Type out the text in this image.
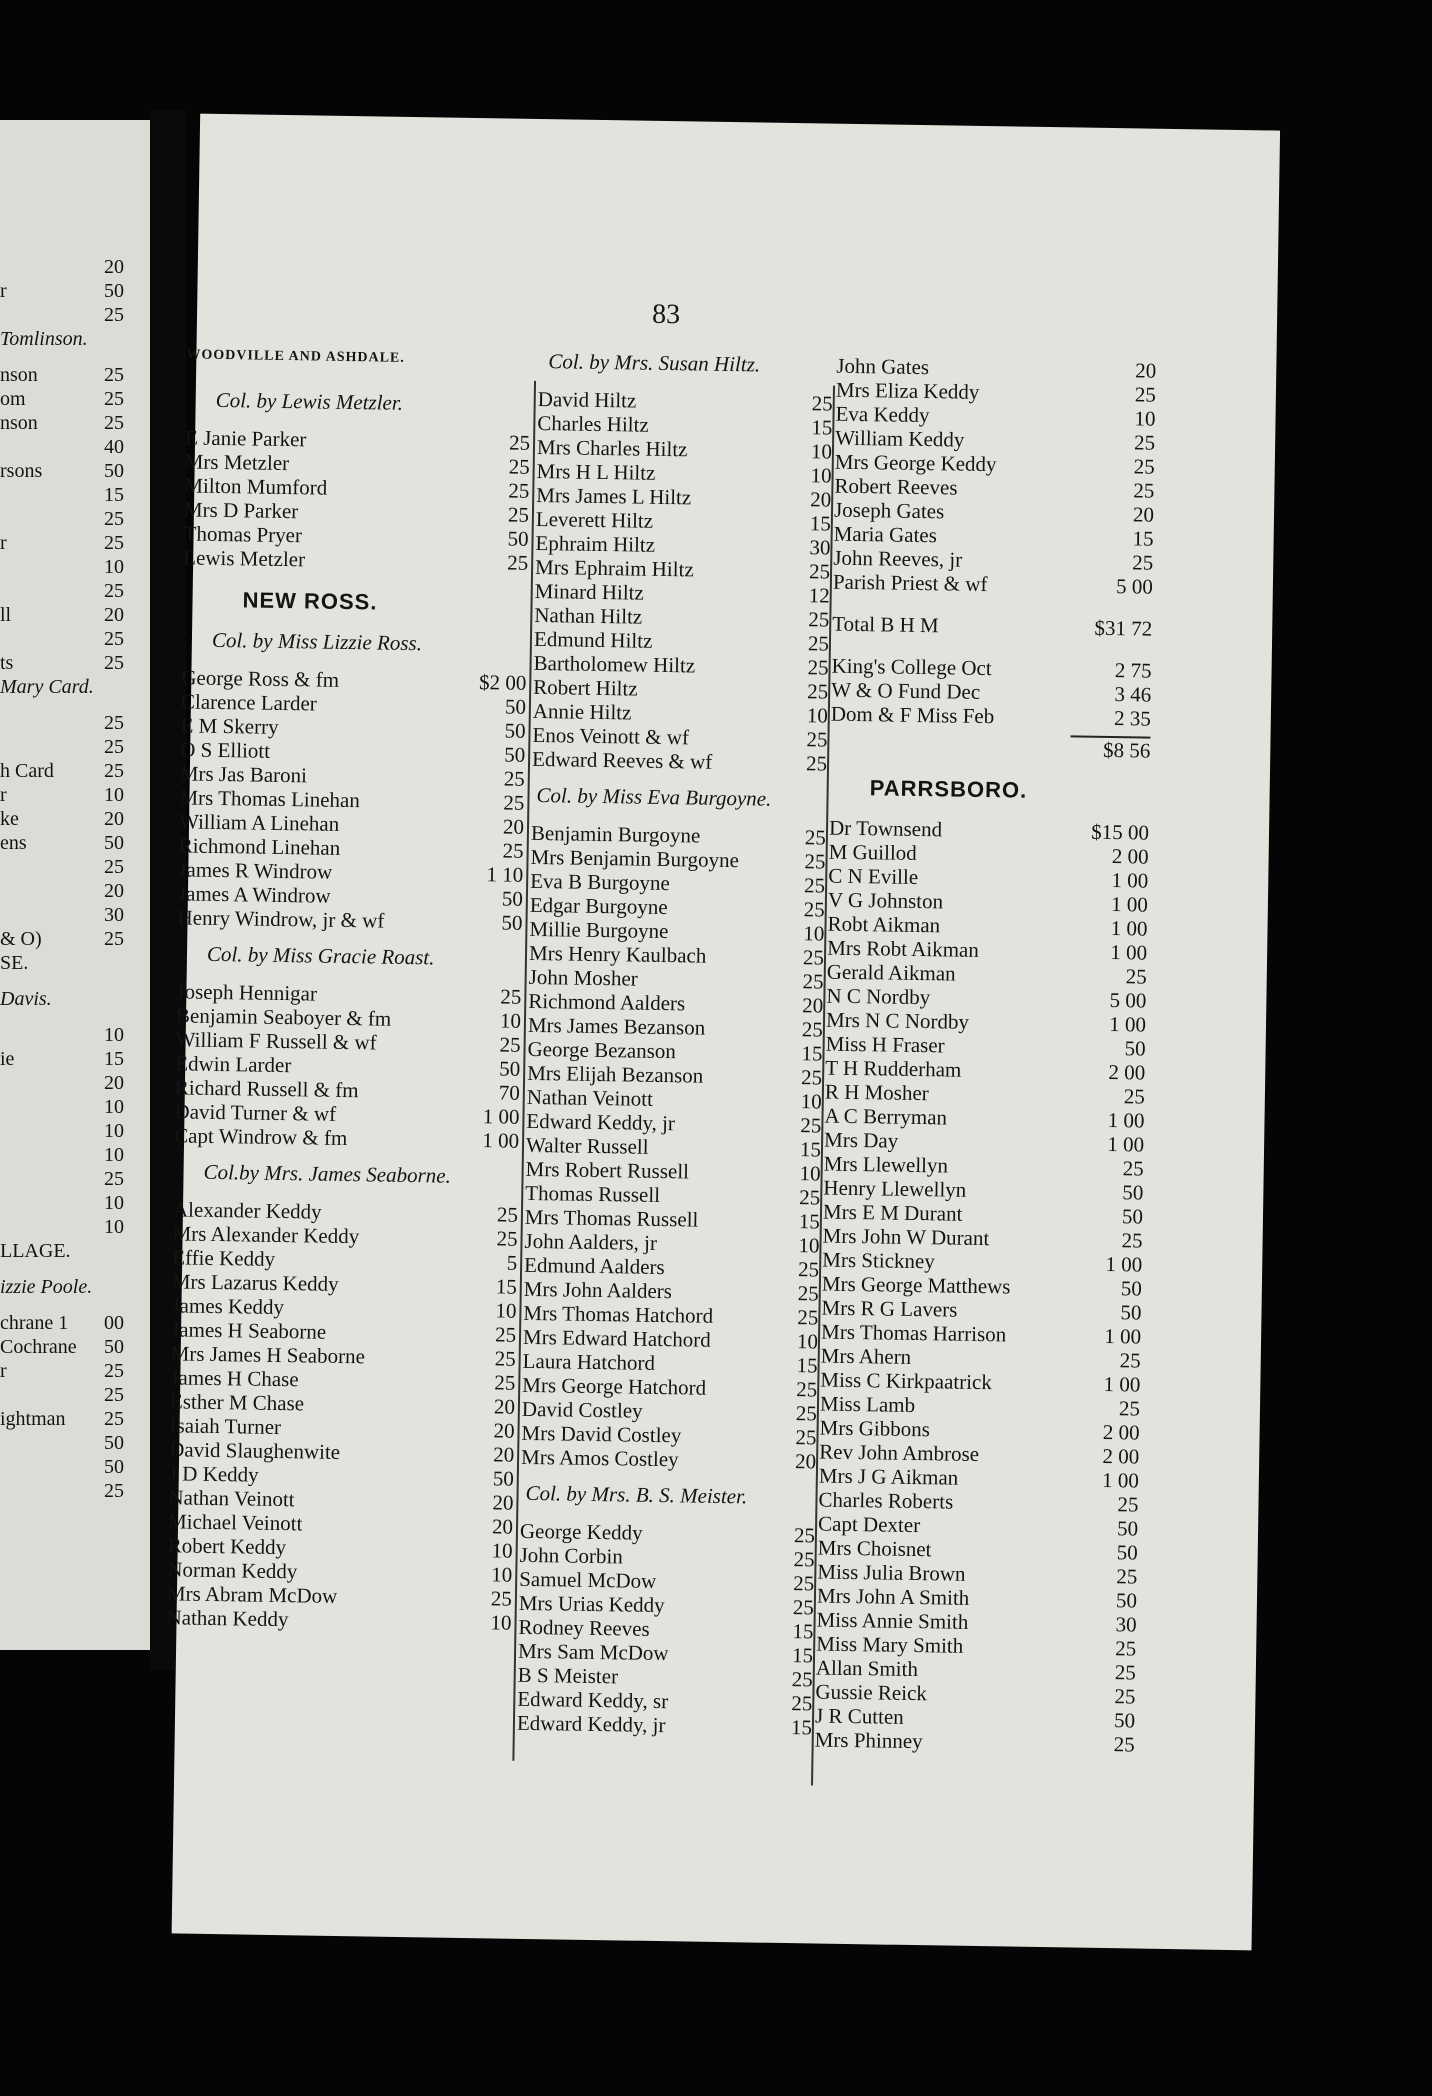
20
r	50
25
Tomlinson.
nson	25
om	25
nson	25
40
rsons	50
15
25
r	25
10
25
ll	20
25
ts	25
Mary Card.
25
25
h Card	25
r	10
ke	20
ens	50
25
20
30
& O)	25
SE.
Davis.
10
ie	15
20
10
10
10
25
10
10
LLAGE.
izzie Poole.
chrane 1	00
Cochrane	50
r	25
25
ightman	25
50
50
25
83
WOODVILLE AND ASHDALE.
Col. by Lewis Metzler.
E Janie Parker	25
Mrs Metzler	25
Milton Mumford	25
Mrs D Parker	25
Thomas Pryer	50
Lewis Metzler	25
NEW ROSS.
Col. by Miss Lizzie Ross.
George Ross & fm	$2 00
Clarence Larder	50
E M Skerry	50
O S Elliott	50
Mrs Jas Baroni	25
Mrs Thomas Linehan	25
William A Linehan	20
Richmond Linehan	25
James R Windrow	1 10
James A Windrow	50
Henry Windrow, jr & wf	50
Col. by Miss Gracie Roast.
Joseph Hennigar	25
Benjamin Seaboyer & fm	10
William F Russell & wf	25
Edwin Larder	50
Richard Russell & fm	70
David Turner & wf	1 00
Capt Windrow & fm	1 00
Col.by Mrs. James Seaborne.
Alexander Keddy	25
Mrs Alexander Keddy	25
Effie Keddy	5
Mrs Lazarus Keddy	15
James Keddy	10
James H Seaborne	25
Mrs James H Seaborne	25
James H Chase	25
Esther M Chase	20
Isaiah Turner	20
David Slaughenwite	20
J D Keddy	50
Nathan Veinott	20
Michael Veinott	20
Robert Keddy	10
Norman Keddy	10
Mrs Abram McDow	25
Nathan Keddy	10
Col. by Mrs. Susan Hiltz.
David Hiltz	25
Charles Hiltz	15
Mrs Charles Hiltz	10
Mrs H L Hiltz	10
Mrs James L Hiltz	20
Leverett Hiltz	15
Ephraim Hiltz	30
Mrs Ephraim Hiltz	25
Minard Hiltz	12
Nathan Hiltz	25
Edmund Hiltz	25
Bartholomew Hiltz	25
Robert Hiltz	25
Annie Hiltz	10
Enos Veinott & wf	25
Edward Reeves & wf	25
Col. by Miss Eva Burgoyne.
Benjamin Burgoyne	25
Mrs Benjamin Burgoyne	25
Eva B Burgoyne	25
Edgar Burgoyne	25
Millie Burgoyne	10
Mrs Henry Kaulbach	25
John Mosher	25
Richmond Aalders	20
Mrs James Bezanson	25
George Bezanson	15
Mrs Elijah Bezanson	25
Nathan Veinott	10
Edward Keddy, jr	25
Walter Russell	15
Mrs Robert Russell	10
Thomas Russell	25
Mrs Thomas Russell	15
John Aalders, jr	10
Edmund Aalders	25
Mrs John Aalders	25
Mrs Thomas Hatchord	25
Mrs Edward Hatchord	10
Laura Hatchord	15
Mrs George Hatchord	25
David Costley	25
Mrs David Costley	25
Mrs Amos Costley	20
Col. by Mrs. B. S. Meister.
George Keddy	25
John Corbin	25
Samuel McDow	25
Mrs Urias Keddy	25
Rodney Reeves	15
Mrs Sam McDow	15
B S Meister	25
Edward Keddy, sr	25
Edward Keddy, jr	15
John Gates	20
Mrs Eliza Keddy	25
Eva Keddy	10
William Keddy	25
Mrs George Keddy	25
Robert Reeves	25
Joseph Gates	20
Maria Gates	15
John Reeves, jr	25
Parish Priest & wf	5 00
Total B H M	$31 72
King's College Oct	2 75
W & O Fund Dec	3 46
Dom & F Miss Feb	2 35
$8 56
PARRSBORO.
Dr Townsend	$15 00
M Guillod	2 00
C N Eville	1 00
V G Johnston	1 00
Robt Aikman	1 00
Mrs Robt Aikman	1 00
Gerald Aikman	25
N C Nordby	5 00
Mrs N C Nordby	1 00
Miss H Fraser	50
T H Rudderham	2 00
R H Mosher	25
A C Berryman	1 00
Mrs Day	1 00
Mrs Llewellyn	25
Henry Llewellyn	50
Mrs E M Durant	50
Mrs John W Durant	25
Mrs Stickney	1 00
Mrs George Matthews	50
Mrs R G Lavers	50
Mrs Thomas Harrison	1 00
Mrs Ahern	25
Miss C Kirkpaatrick	1 00
Miss Lamb	25
Mrs Gibbons	2 00
Rev John Ambrose	2 00
Mrs J G Aikman	1 00
Charles Roberts	25
Capt Dexter	50
Mrs Choisnet	50
Miss Julia Brown	25
Mrs John A Smith	50
Miss Annie Smith	30
Miss Mary Smith	25
Allan Smith	25
Gussie Reick	25
J R Cutten	50
Mrs Phinney	25
